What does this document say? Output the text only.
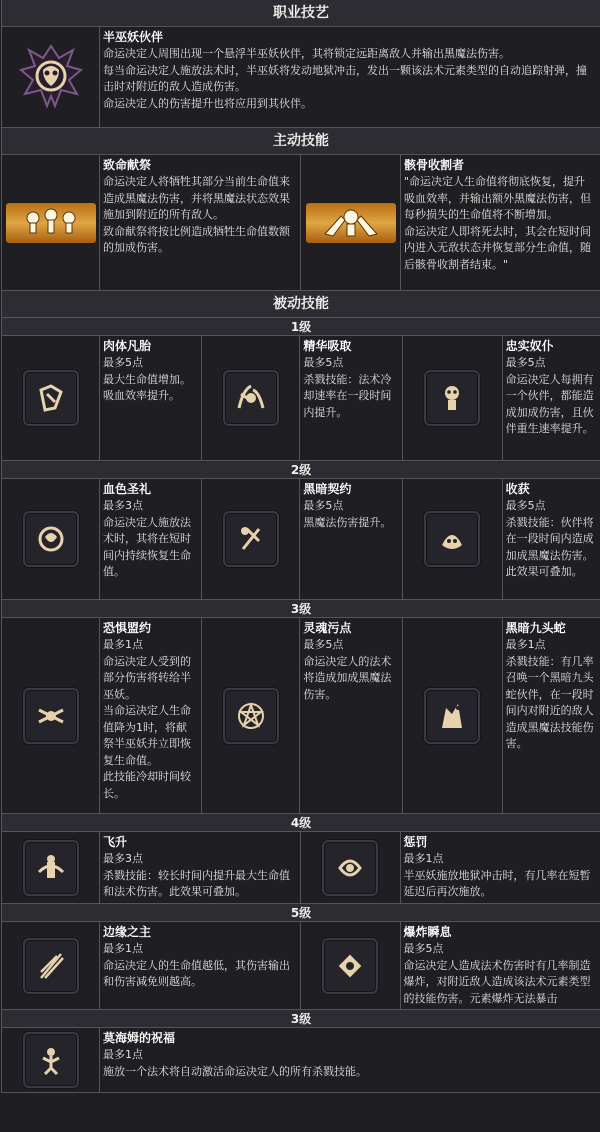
职业技艺
半巫妖伙伴
命运决定人周围出现一个悬浮半巫妖伙伴，其将锁定远距离敌人并输出黑魔法伤害。
每当命运决定人施放法术时，半巫妖将发动地狱冲击，发出一颗该法术元素类型的自动追踪射弹，撞击时对附近的敌人造成伤害。
命运决定人的伤害提升也将应用到其伙伴。
主动技能
致命献祭
命运决定人将牺牲其部分当前生命值来造成黑魔法伤害，并将黑魔法状态效果施加到附近的所有敌人。
致命献祭将按比例造成牺牲生命值数额的加成伤害。
骸骨收割者
"命运决定人生命值将彻底恢复，提升吸血效率，并输出额外黑魔法伤害，但每秒损失的生命值将不断增加。
命运决定人即将死去时，其会在短时间内进入无敌状态并恢复部分生命值，随后骸骨收割者结束。"
被动技能
1级
肉体凡胎
最多5点
最大生命值增加。吸血效率提升。
精华吸取
最多5点
杀戮技能：法术冷却速率在一段时间内提升。
忠实奴仆
最多5点
命运决定人每拥有一个伙伴，都能造成加成伤害，且伙伴重生速率提升。
2级
血色圣礼
最多3点
命运决定人施放法术时，其将在短时间内持续恢复生命值。
黑暗契约
最多5点
黑魔法伤害提升。
收获
最多5点
杀戮技能：伙伴将在一段时间内造成加成黑魔法伤害。此效果可叠加。
3级
恐惧盟约
最多1点
命运决定人受到的部分伤害将转给半巫妖。
当命运决定人生命值降为1时，将献祭半巫妖并立即恢复生命值。
此技能冷却时间较长。
灵魂污点
最多5点
命运决定人的法术将造成加成黑魔法伤害。
黑暗九头蛇
最多1点
杀戮技能：有几率召唤一个黑暗九头蛇伙伴，在一段时间内对附近的敌人造成黑魔法技能伤害。
4级
飞升
最多3点
杀戮技能：较长时间内提升最大生命值和法术伤害。此效果可叠加。
惩罚
最多1点
半巫妖施放地狱冲击时，有几率在短暂延迟后再次施放。
5级
边缘之主
最多1点
命运决定人的生命值越低，其伤害输出和伤害减免则越高。
爆炸瞬息
最多5点
命运决定人造成法术伤害时有几率制造爆炸，对附近敌人造成该法术元素类型的技能伤害。元素爆炸无法暴击
3级
莫海姆的祝福
最多1点
施放一个法术将自动激活命运决定人的所有杀戮技能。
